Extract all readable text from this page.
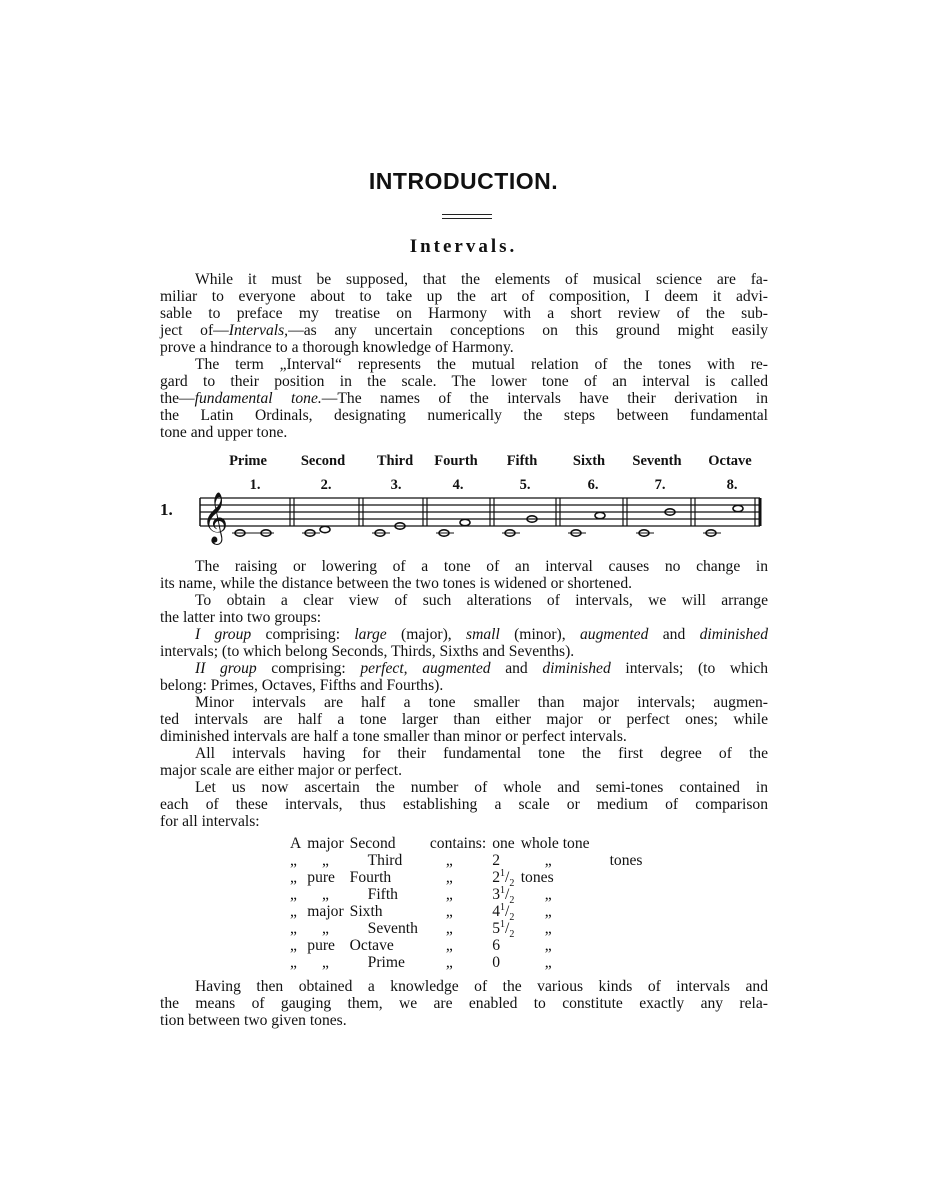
INTRODUCTION.
Intervals.
While it must be supposed, that the elements of musical science are fa-
miliar to everyone about to take up the art of composition, I deem it advi-
sable to preface my treatise on Harmony with a short review of the sub-
ject of—Intervals,—as any uncertain conceptions on this ground might easily
prove a hindrance to a thorough knowledge of Harmony.
The term „Interval“ represents the mutual relation of the tones with re-
gard to their position in the scale. The lower tone of an interval is called
the—fundamental tone.—The names of the intervals have their derivation in
the Latin Ordinals, designating numerically the steps between fundamental
tone and upper tone.
Prime Second Third Fourth Fifth Sixth Seventh Octave
1.	2.	3.	4.	5.	6.	7.	8.
1. 𝄞
The raising or lowering of a tone of an interval causes no change in
its name, while the distance between the two tones is widened or shortened.
To obtain a clear view of such alterations of intervals, we will arrange
the latter into two groups:
I group comprising: large (major), small (minor), augmented and diminished
intervals; (to which belong Seconds, Thirds, Sixths and Sevenths).
II group comprising: perfect, augmented and diminished intervals; (to which
belong: Primes, Octaves, Fifths and Fourths).
Minor intervals are half a tone smaller than major intervals; augmen-
ted intervals are half a tone larger than either major or perfect ones; while
diminished intervals are half a tone smaller than minor or perfect intervals.
All intervals having for their fundamental tone the first degree of the
major scale are either major or perfect.
Let us now ascertain the number of whole and semi-tones contained in
each of these intervals, thus establishing a scale or medium of comparison
for all intervals:
A	major	Second	contains:	one	whole tone	
„	„	Third	„	2	„	tones
„	pure	Fourth	„	$2^1/_2$	tones	
„	„	Fifth	„	$3^1/_2$	„	
„	major	Sixth	„	$4^1/_2$	„	
„	„	Seventh	„	$5^1/_2$	„	
„	pure	Octave	„	6	„	
„	„	Prime	„	0	„	
Having then obtained a knowledge of the various kinds of intervals and
the means of gauging them, we are enabled to constitute exactly any rela-
tion between two given tones.
